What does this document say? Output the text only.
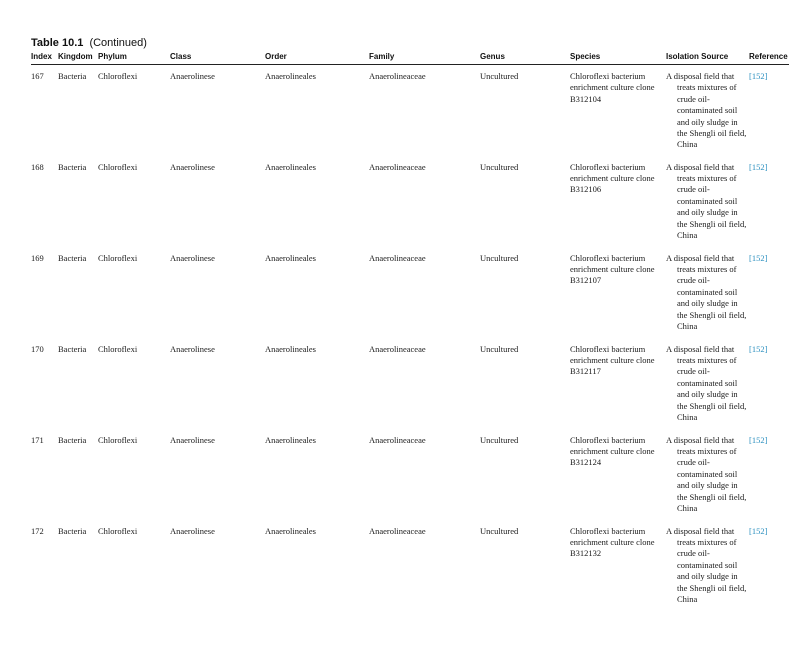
Table 10.1 (Continued)
Index	Kingdom	Phylum	Class	Order	Family	Genus	Species	Isolation Source	Reference
167	Bacteria	Chloroflexi	Anaerolinese	Anaerolineales	Anaerolineaceae	Uncultured	Chloroflexi bacterium enrichment culture clone B312104	A disposal field that treats mixtures of crude oil-contaminated soil and oily sludge in the Shengli oil field, China	[152]
168	Bacteria	Chloroflexi	Anaerolinese	Anaerolineales	Anaerolineaceae	Uncultured	Chloroflexi bacterium enrichment culture clone B312106	A disposal field that treats mixtures of crude oil-contaminated soil and oily sludge in the Shengli oil field, China	[152]
169	Bacteria	Chloroflexi	Anaerolinese	Anaerolineales	Anaerolineaceae	Uncultured	Chloroflexi bacterium enrichment culture clone B312107	A disposal field that treats mixtures of crude oil-contaminated soil and oily sludge in the Shengli oil field, China	[152]
170	Bacteria	Chloroflexi	Anaerolinese	Anaerolineales	Anaerolineaceae	Uncultured	Chloroflexi bacterium enrichment culture clone B312117	A disposal field that treats mixtures of crude oil-contaminated soil and oily sludge in the Shengli oil field, China	[152]
171	Bacteria	Chloroflexi	Anaerolinese	Anaerolineales	Anaerolineaceae	Uncultured	Chloroflexi bacterium enrichment culture clone B312124	A disposal field that treats mixtures of crude oil-contaminated soil and oily sludge in the Shengli oil field, China	[152]
172	Bacteria	Chloroflexi	Anaerolinese	Anaerolineales	Anaerolineaceae	Uncultured	Chloroflexi bacterium enrichment culture clone B312132	A disposal field that treats mixtures of crude oil-contaminated soil and oily sludge in the Shengli oil field, China	[152]
